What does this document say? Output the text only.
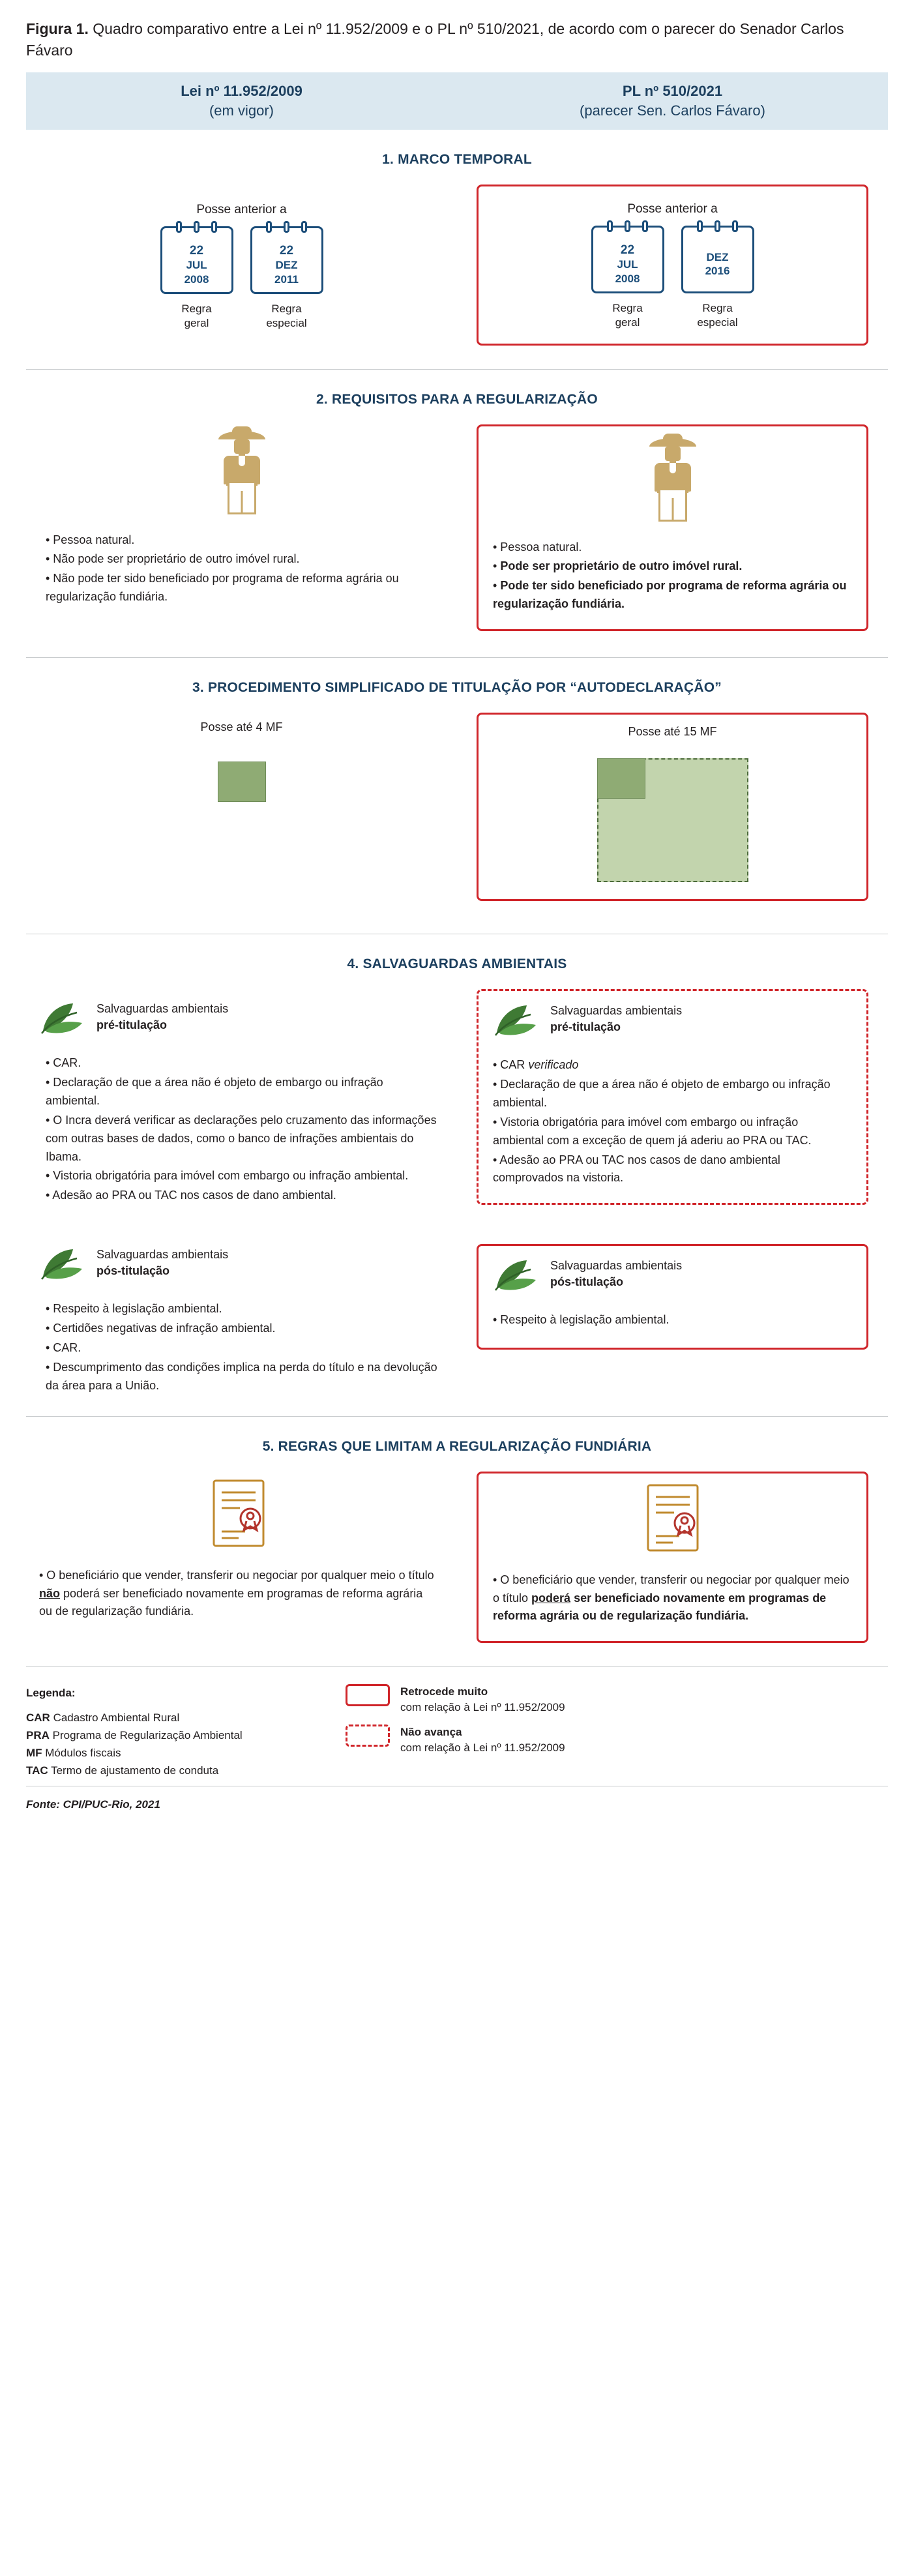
Figura 1. Quadro comparativo entre a Lei nº 11.952/2009 e o PL nº 510/2021, de acordo com o parecer do Senador Carlos Fávaro
Lei nº 11.952/2009
(em vigor)
PL nº 510/2021
(parecer Sen. Carlos Fávaro)
1. MARCO TEMPORAL
Posse anterior a
22
JUL
2008
Regra
geral
22
DEZ
2011
Regra
especial
Posse anterior a
22
JUL
2008
Regra
geral
DEZ
2016
Regra
especial
2. REQUISITOS PARA A REGULARIZAÇÃO
• Pessoa natural.
• Não pode ser proprietário de outro imóvel rural.
• Não pode ter sido beneficiado por programa de reforma agrária ou regularização fundiária.
• Pessoa natural.
• Pode ser proprietário de outro imóvel rural.
• Pode ter sido beneficiado por programa de reforma agrária ou regularização fundiária.
3. PROCEDIMENTO SIMPLIFICADO DE TITULAÇÃO POR “AUTODECLARAÇÃO”
Posse até 4 MF	Posse até 15 MF
4. SALVAGUARDAS AMBIENTAIS
Salvaguardas ambientais
pré-titulação
• CAR.
• Declaração de que a área não é objeto de embargo ou infração ambiental.
• O Incra deverá verificar as declarações pelo cruzamento das informações com outras bases de dados, como o banco de infrações ambientais do Ibama.
• Vistoria obrigatória para imóvel com embargo ou infração ambiental.
• Adesão ao PRA ou TAC nos casos de dano ambiental.
Salvaguardas ambientais
pré-titulação
• CAR verificado
• Declaração de que a área não é objeto de embargo ou infração ambiental.
• Vistoria obrigatória para imóvel com embargo ou infração ambiental com a exceção de quem já aderiu ao PRA ou TAC.
• Adesão ao PRA ou TAC nos casos de dano ambiental comprovados na vistoria.
Salvaguardas ambientais
pós-titulação
• Respeito à legislação ambiental.
• Certidões negativas de infração ambiental.
• CAR.
• Descumprimento das condições implica na perda do título e na devolução da área para a União.
Salvaguardas ambientais
pós-titulação
• Respeito à legislação ambiental.
5. REGRAS QUE LIMITAM A REGULARIZAÇÃO FUNDIÁRIA
• O beneficiário que vender, transferir ou negociar por qualquer meio o título não poderá ser beneficiado novamente em programas de reforma agrária ou de regularização fundiária.
• O beneficiário que vender, transferir ou negociar por qualquer meio o título poderá ser beneficiado novamente em programas de reforma agrária ou de regularização fundiária.
Legenda:
CAR Cadastro Ambiental Rural
PRA Programa de Regularização Ambiental
MF Módulos fiscais
TAC Termo de ajustamento de conduta
Retrocede muito
com relação à Lei nº 11.952/2009
Não avança
com relação à Lei nº 11.952/2009
Fonte: CPI/PUC-Rio, 2021
